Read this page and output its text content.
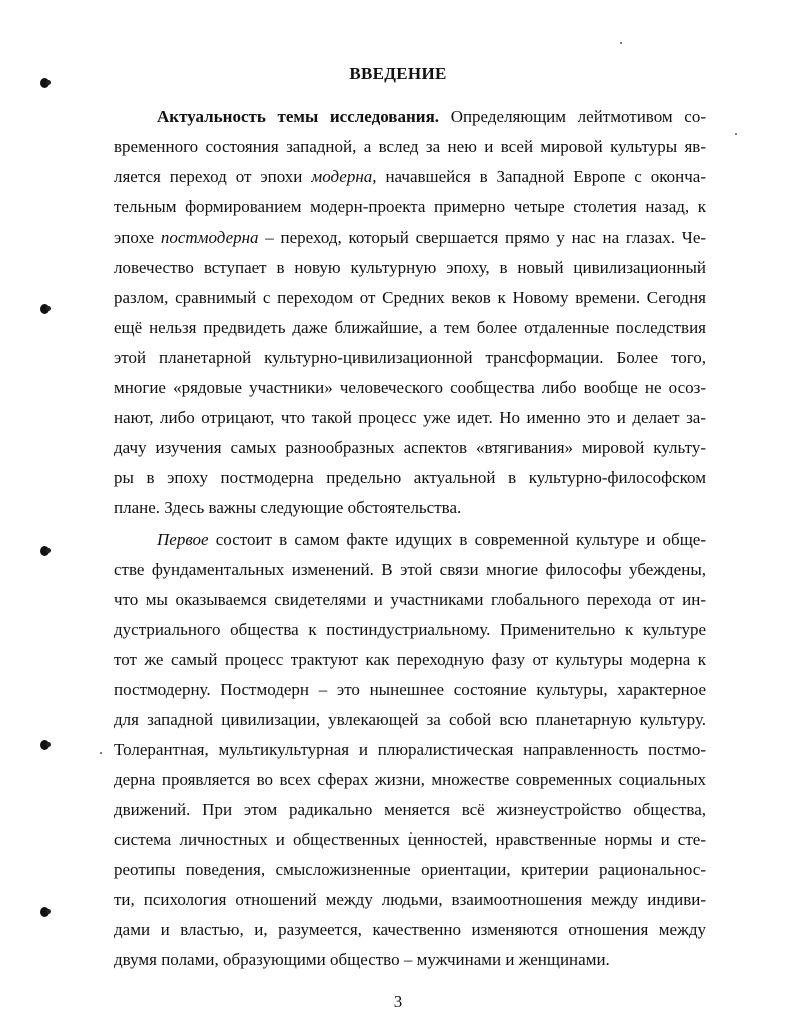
ВВЕДЕНИЕ
Актуальность темы исследования. Определяющим лейтмотивом со-
временного состояния западной, а вслед за нею и всей мировой культуры яв-
ляется переход от эпохи модерна, начавшейся в Западной Европе с оконча-
тельным формированием модерн-проекта примерно четыре столетия назад, к
эпохе постмодерна – переход, который свершается прямо у нас на глазах. Че-
ловечество вступает в новую культурную эпоху, в новый цивилизационный
разлом, сравнимый с переходом от Средних веков к Новому времени. Сегодня
ещё нельзя предвидеть даже ближайшие, а тем более отдаленные последствия
этой планетарной культурно-цивилизационной трансформации. Более того,
многие «рядовые участники» человеческого сообщества либо вообще не осоз-
нают, либо отрицают, что такой процесс уже идет. Но именно это и делает за-
дачу изучения самых разнообразных аспектов «втягивания» мировой культу-
ры в эпоху постмодерна предельно актуальной в культурно-философском
плане. Здесь важны следующие обстоятельства.
Первое состоит в самом факте идущих в современной культуре и обще-
стве фундаментальных изменений. В этой связи многие философы убеждены,
что мы оказываемся свидетелями и участниками глобального перехода от ин-
дустриального общества к постиндустриальному. Применительно к культуре
тот же самый процесс трактуют как переходную фазу от культуры модерна к
постмодерну. Постмодерн – это нынешнее состояние культуры, характерное
для западной цивилизации, увлекающей за собой всю планетарную культуру.
Толерантная, мультикультурная и плюралистическая направленность постмо-
дерна проявляется во всех сферах жизни, множестве современных социальных
движений. При этом радикально меняется всё жизнеустройство общества,
система личностных и общественных ценностей, нравственные нормы и сте-
реотипы поведения, смысложизненные ориентации, критерии рациональнос-
ти, психология отношений между людьми, взаимоотношения между индиви-
дами и властью, и, разумеется, качественно изменяются отношения между
двумя полами, образующими общество – мужчинами и женщинами.
3
